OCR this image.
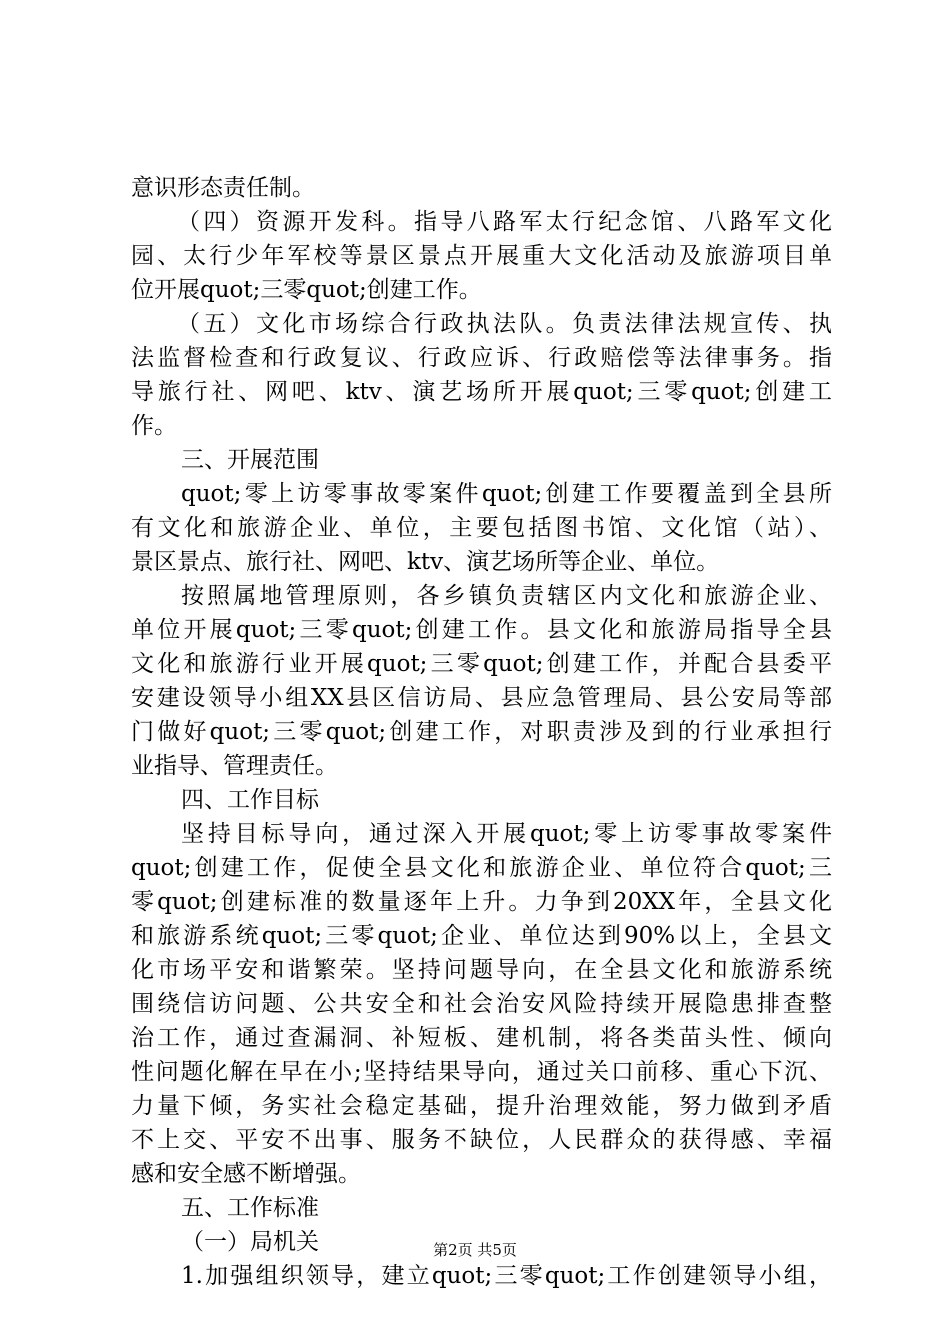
意识形态责任制。
（四）资源开发科。指导八路军太行纪念馆、八路军文化
园、太行少年军校等景区景点开展重大文化活动及旅游项目单
位开展quot;三零quot;创建工作。
（五）文化市场综合行政执法队。负责法律法规宣传、执
法监督检查和行政复议、行政应诉、行政赔偿等法律事务。指
导旅行社、网吧、ktv、演艺场所开展quot;三零quot;创建工
作。
三、开展范围
quot;零上访零事故零案件quot;创建工作要覆盖到全县所
有文化和旅游企业、单位，主要包括图书馆、文化馆（站）、
景区景点、旅行社、网吧、ktv、演艺场所等企业、单位。
按照属地管理原则，各乡镇负责辖区内文化和旅游企业、
单位开展quot;三零quot;创建工作。县文化和旅游局指导全县
文化和旅游行业开展quot;三零quot;创建工作，并配合县委平
安建设领导小组XX县区信访局、县应急管理局、县公安局等部
门做好quot;三零quot;创建工作，对职责涉及到的行业承担行
业指导、管理责任。
四、工作目标
坚持目标导向，通过深入开展quot;零上访零事故零案件
quot;创建工作，促使全县文化和旅游企业、单位符合quot;三
零quot;创建标准的数量逐年上升。力争到20XX年，全县文化
和旅游系统quot;三零quot;企业、单位达到90%以上，全县文
化市场平安和谐繁荣。坚持问题导向，在全县文化和旅游系统
围绕信访问题、公共安全和社会治安风险持续开展隐患排查整
治工作，通过查漏洞、补短板、建机制，将各类苗头性、倾向
性问题化解在早在小;坚持结果导向，通过关口前移、重心下沉、
力量下倾，务实社会稳定基础，提升治理效能，努力做到矛盾
不上交、平安不出事、服务不缺位，人民群众的获得感、幸福
感和安全感不断增强。
五、工作标准
（一）局机关
1.加强组织领导，建立quot;三零quot;工作创建领导小组，
第2页 共5页
